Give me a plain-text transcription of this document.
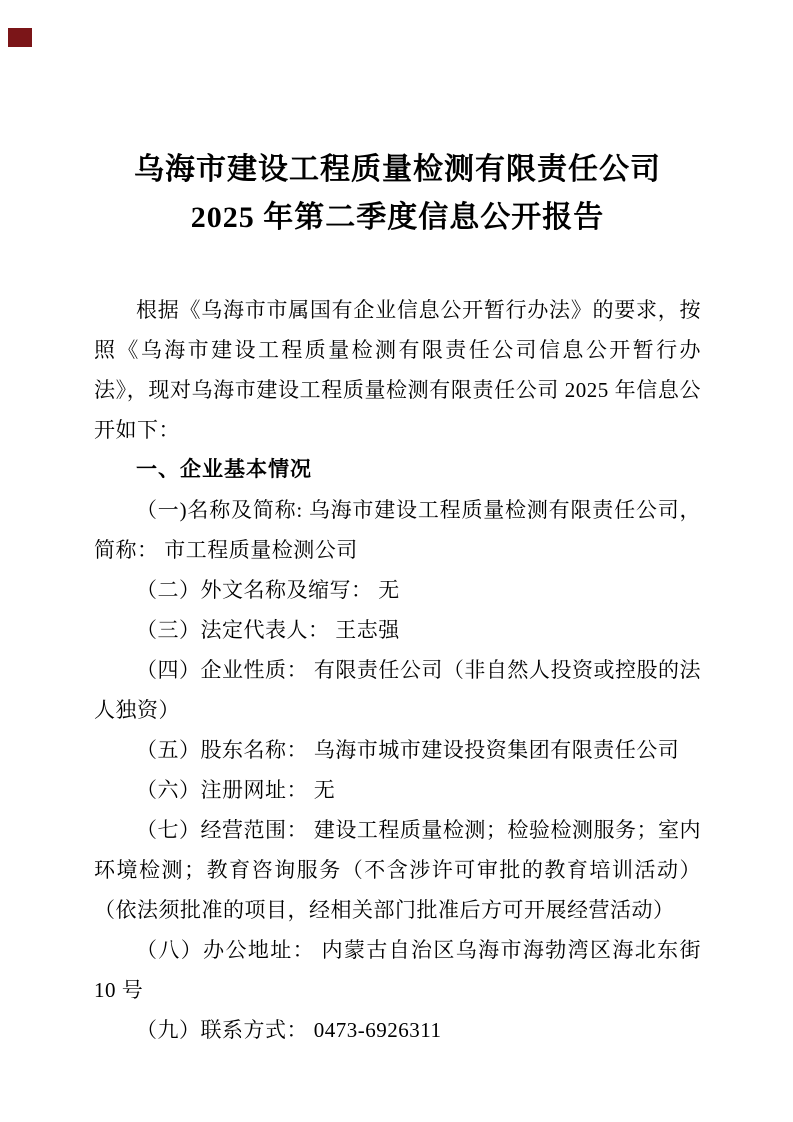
乌海市建设工程质量检测有限责任公司
2025 年第二季度信息公开报告

根据《乌海市市属国有企业信息公开暂行办法》的要求，按照《乌海市建设工程质量检测有限责任公司信息公开暂行办法》，现对乌海市建设工程质量检测有限责任公司 2025 年信息公开如下：

一、企业基本情况

（一)名称及简称: 乌海市建设工程质量检测有限责任公司，简称： 市工程质量检测公司

（二）外文名称及缩写： 无

（三）法定代表人： 王志强

（四）企业性质： 有限责任公司（非自然人投资或控股的法人独资）

（五）股东名称： 乌海市城市建设投资集团有限责任公司

（六）注册网址： 无

（七）经营范围： 建设工程质量检测；检验检测服务；室内环境检测；教育咨询服务（不含涉许可审批的教育培训活动）（依法须批准的项目，经相关部门批准后方可开展经营活动）

（八）办公地址： 内蒙古自治区乌海市海勃湾区海北东街 10 号

（九）联系方式： 0473-6926311
